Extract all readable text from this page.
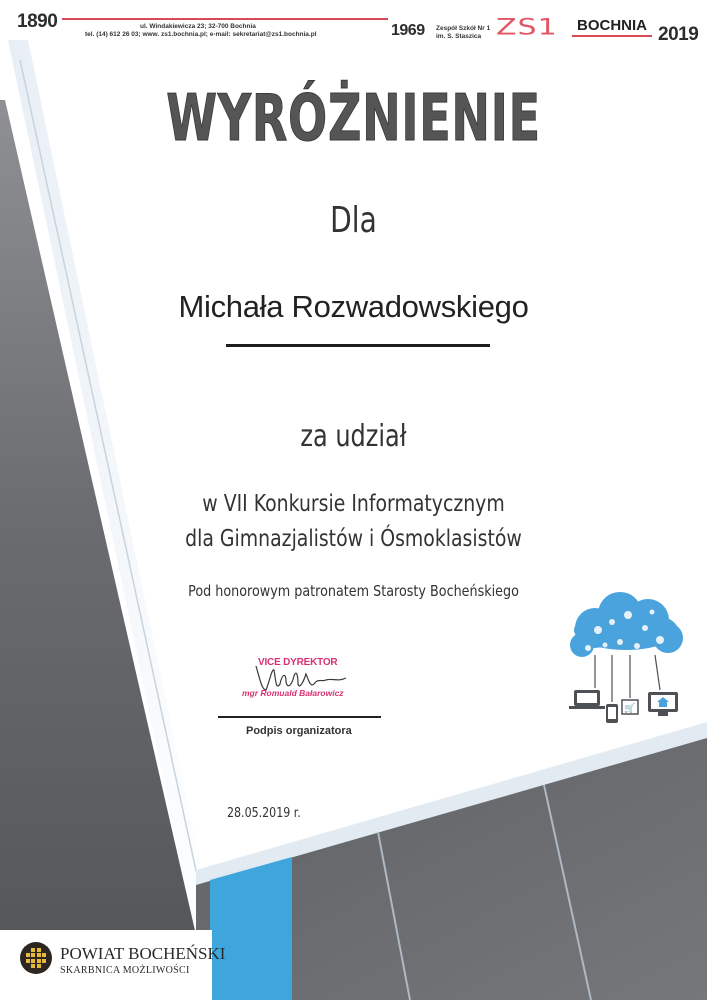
🛒
1890	ul. Windakiewicza 23; 32-700 Bochnia
tel. (14) 612 26 03; www. zs1.bochnia.pl; e-mail: sekretariat@zs1.bochnia.pl	1969 Zespół Szkół Nr 1
im. S. Staszica ZS1 BOCHNIA 2019
WYRÓŻNIENIE
Dla
Michała Rozwadowskiego
za udział
w VII Konkursie Informatycznym
dla Gimnazjalistów i Ósmoklasistów
Pod honorowym patronatem Starosty Bocheńskiego
VICE DYREKTOR
mgr Romuald Bałarowicz
Podpis organizatora
28.05.2019 r.
POWIAT BOCHEŃSKI
SKARBNICA MOŻLIWOŚCI
